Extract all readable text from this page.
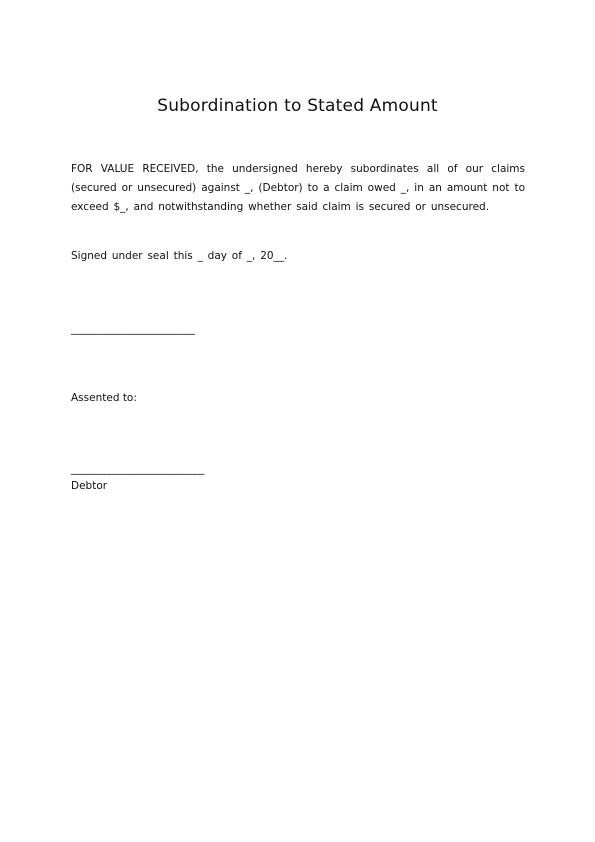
Subordination to Stated Amount
FOR VALUE RECEIVED, the undersigned hereby subordinates all of our claims (secured or unsecured) against _, (Debtor) to a claim owed _, in an amount not to exceed $_, and notwithstanding whether said claim is secured or unsecured.
Signed under seal this _ day of _, 20__.
__________________________
Assented to:
____________________________
Debtor
